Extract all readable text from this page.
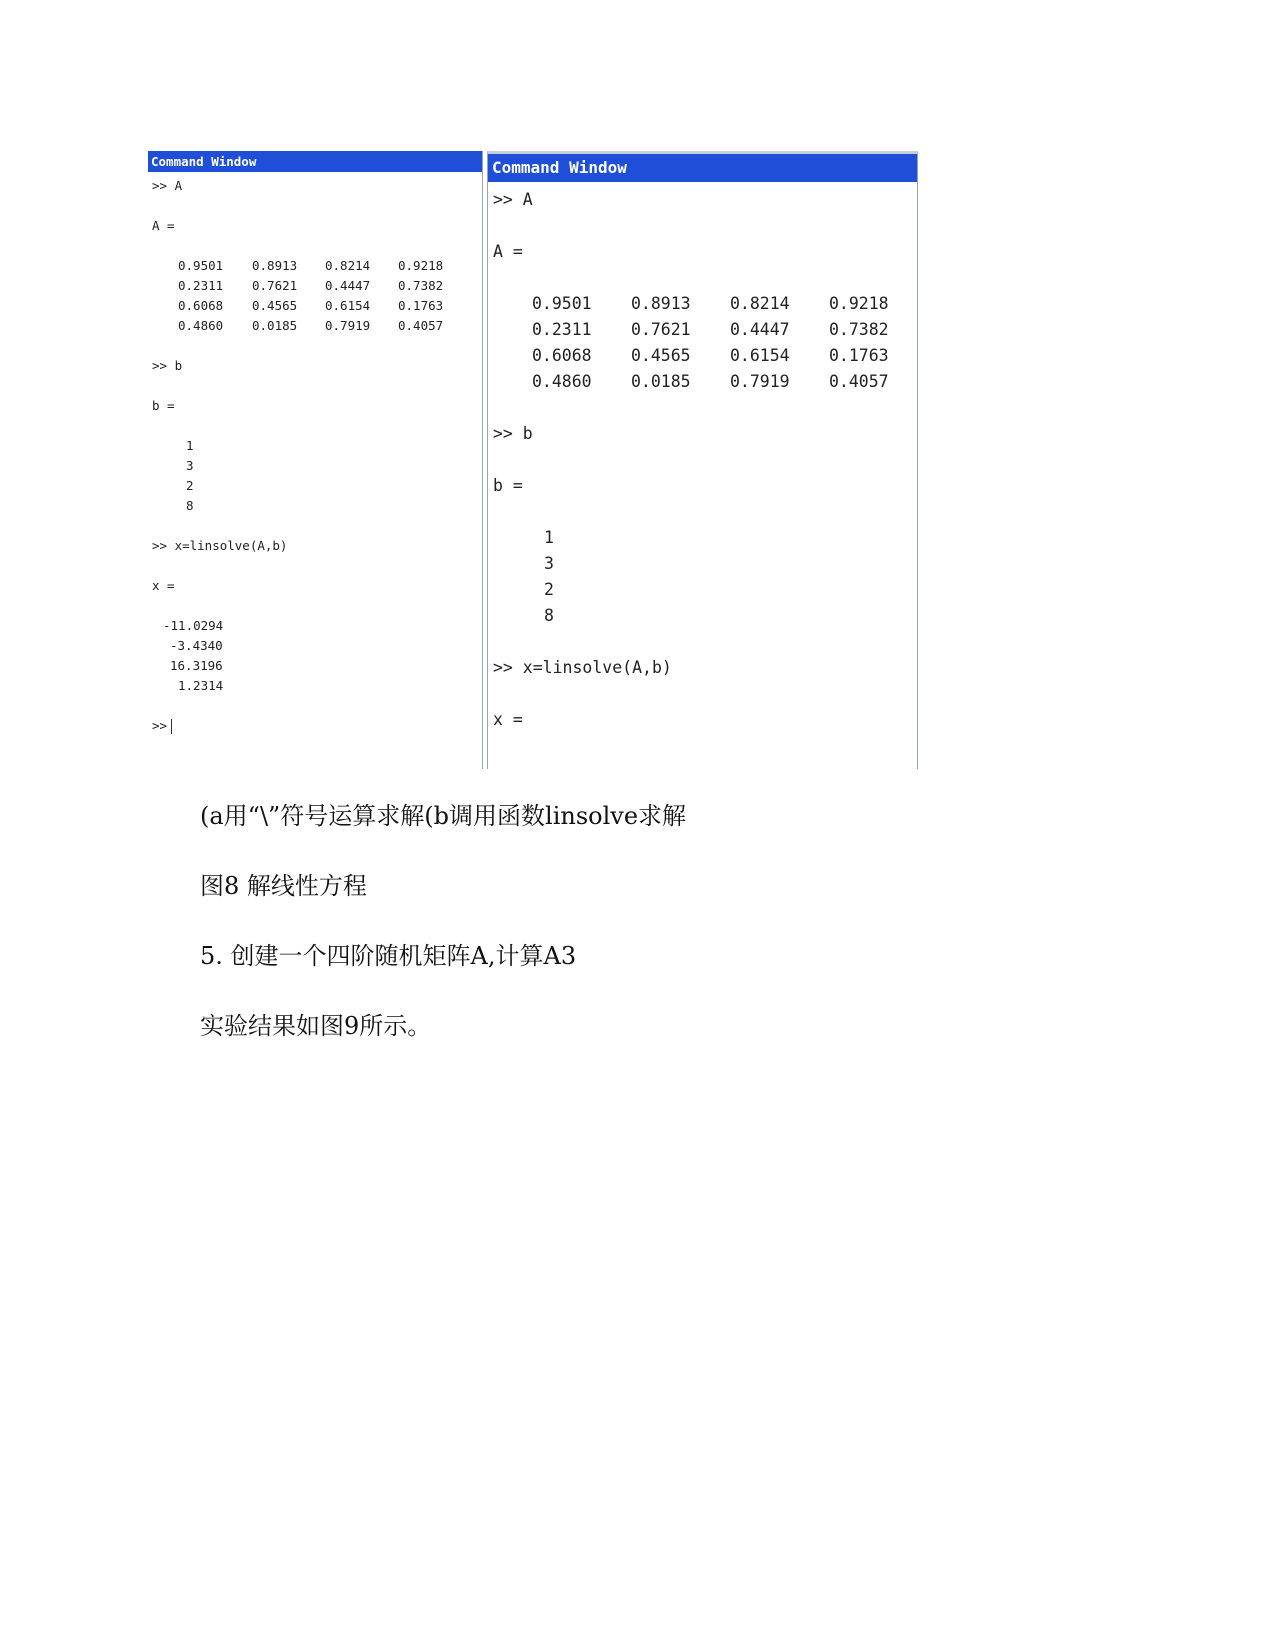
Command Window
>> A
A =
0.9501 0.8913 0.8214 0.9218
0.2311 0.7621 0.4447 0.7382
0.6068 0.4565 0.6154 0.1763
0.4860 0.0185 0.7919 0.4057
>> b
b =
1
3
2
8
>> x=linsolve(A,b)
x =
-11.0294
-3.4340
16.3196
1.2314
>>
Command Window
>> A
A =
0.9501 0.8913 0.8214 0.9218
0.2311 0.7621 0.4447 0.7382
0.6068 0.4565 0.6154 0.1763
0.4860 0.0185 0.7919 0.4057
>> b
b =
1
3
2
8
>> x=linsolve(A,b)
x =
(a用“\”符号运算求解(b调用函数linsolve求解
图8 解线性方程
5. 创建一个四阶随机矩阵A,计算A3
实验结果如图9所示。
